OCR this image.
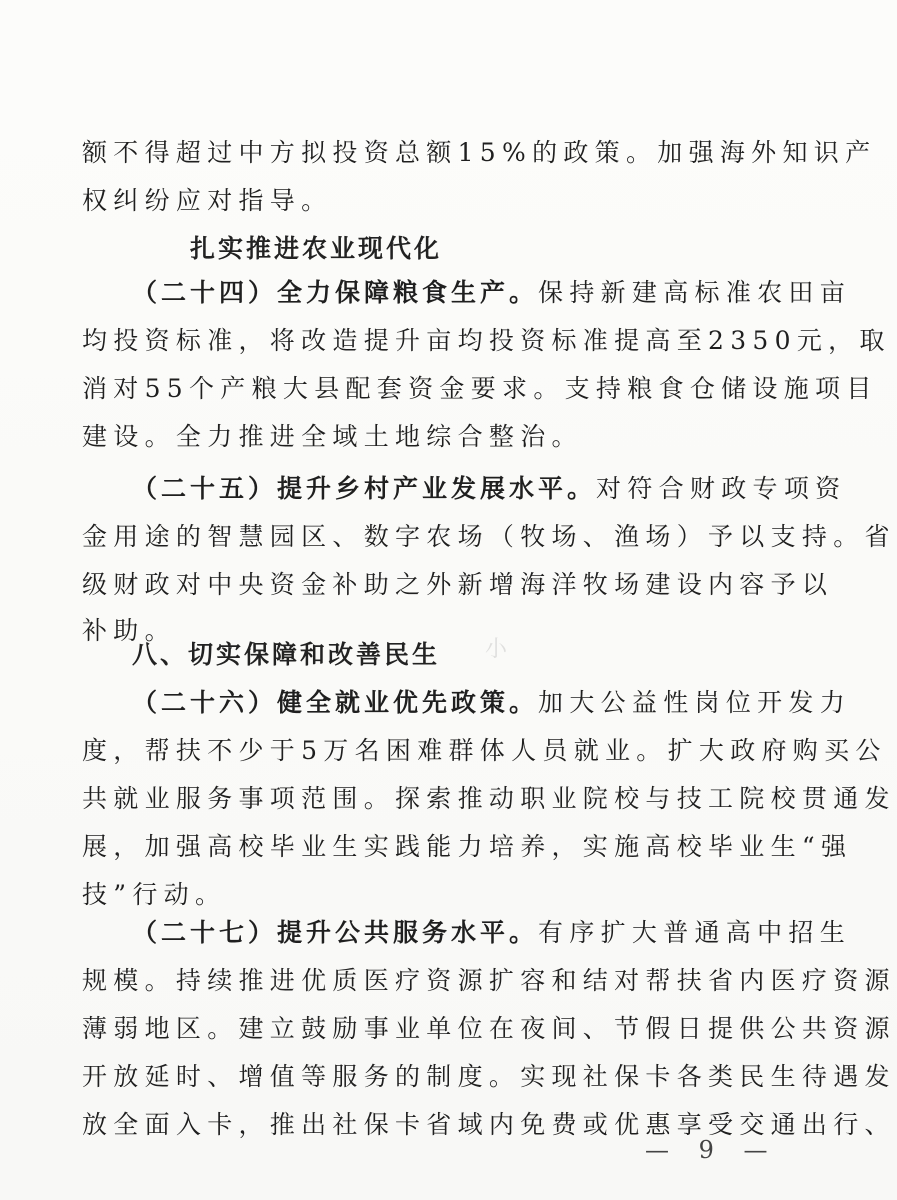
小
额不得超过中方拟投资总额15%的政策。加强海外知识产
权纠纷应对指导。
扎实推进农业现代化
（二十四）全力保障粮食生产。保持新建高标准农田亩
均投资标准，将改造提升亩均投资标准提高至2350元，取
消对55个产粮大县配套资金要求。支持粮食仓储设施项目
建设。全力推进全域土地综合整治。
（二十五）提升乡村产业发展水平。对符合财政专项资
金用途的智慧园区、数字农场（牧场、渔场）予以支持。省
级财政对中央资金补助之外新增海洋牧场建设内容予以
补助。
八、切实保障和改善民生
（二十六）健全就业优先政策。加大公益性岗位开发力
度，帮扶不少于5万名困难群体人员就业。扩大政府购买公
共就业服务事项范围。探索推动职业院校与技工院校贯通发
展，加强高校毕业生实践能力培养，实施高校毕业生“强
技”行动。
（二十七）提升公共服务水平。有序扩大普通高中招生
规模。持续推进优质医疗资源扩容和结对帮扶省内医疗资源
薄弱地区。建立鼓励事业单位在夜间、节假日提供公共资源
开放延时、增值等服务的制度。实现社保卡各类民生待遇发
放全面入卡，推出社保卡省域内免费或优惠享受交通出行、
— 9 —
